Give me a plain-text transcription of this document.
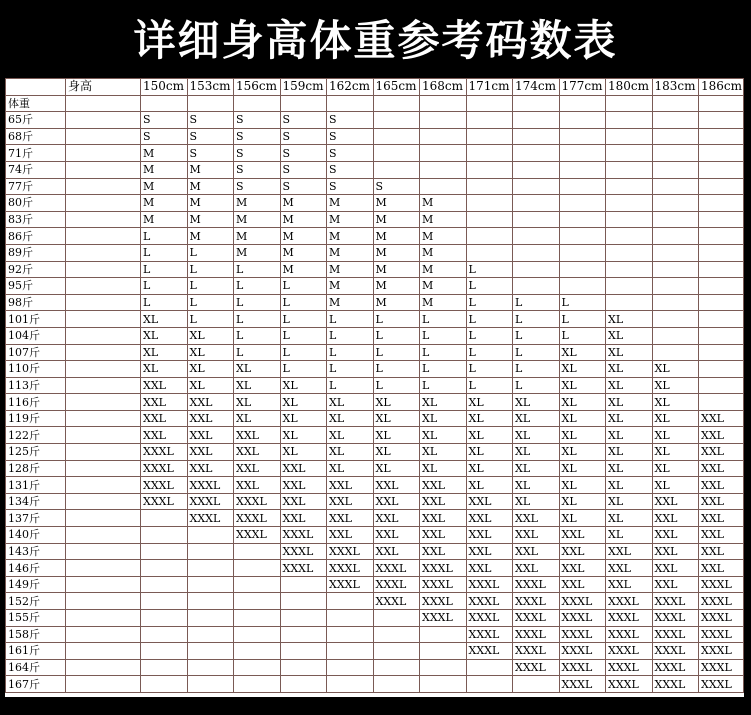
详细身高体重参考码数表
	身高	150cm	153cm	156cm	159cm	162cm	165cm	168cm	171cm	174cm	177cm	180cm	183cm	186cm
体重														
65斤		S	S	S	S	S								
68斤		S	S	S	S	S								
71斤		M	S	S	S	S								
74斤		M	M	S	S	S								
77斤		M	M	S	S	S	S							
80斤		M	M	M	M	M	M	M						
83斤		M	M	M	M	M	M	M						
86斤		L	M	M	M	M	M	M						
89斤		L	L	M	M	M	M	M						
92斤		L	L	L	M	M	M	M	L					
95斤		L	L	L	L	M	M	M	L					
98斤		L	L	L	L	M	M	M	L	L	L			
101斤		XL	L	L	L	L	L	L	L	L	L	XL		
104斤		XL	XL	L	L	L	L	L	L	L	L	XL		
107斤		XL	XL	L	L	L	L	L	L	L	XL	XL		
110斤		XL	XL	XL	L	L	L	L	L	L	XL	XL	XL	
113斤		XXL	XL	XL	XL	L	L	L	L	L	XL	XL	XL	
116斤		XXL	XXL	XL	XL	XL	XL	XL	XL	XL	XL	XL	XL	
119斤		XXL	XXL	XL	XL	XL	XL	XL	XL	XL	XL	XL	XL	XXL
122斤		XXL	XXL	XXL	XL	XL	XL	XL	XL	XL	XL	XL	XL	XXL
125斤		XXXL	XXL	XXL	XL	XL	XL	XL	XL	XL	XL	XL	XL	XXL
128斤		XXXL	XXL	XXL	XXL	XL	XL	XL	XL	XL	XL	XL	XL	XXL
131斤		XXXL	XXXL	XXL	XXL	XXL	XXL	XXL	XL	XL	XL	XL	XL	XXL
134斤		XXXL	XXXL	XXXL	XXL	XXL	XXL	XXL	XXL	XL	XL	XL	XXL	XXL
137斤			XXXL	XXXL	XXL	XXL	XXL	XXL	XXL	XXL	XL	XL	XXL	XXL
140斤				XXXL	XXXL	XXL	XXL	XXL	XXL	XXL	XXL	XL	XXL	XXL
143斤					XXXL	XXXL	XXL	XXL	XXL	XXL	XXL	XXL	XXL	XXL
146斤					XXXL	XXXL	XXXL	XXXL	XXL	XXL	XXL	XXL	XXL	XXL
149斤						XXXL	XXXL	XXXL	XXXL	XXXL	XXL	XXL	XXL	XXXL
152斤							XXXL	XXXL	XXXL	XXXL	XXXL	XXXL	XXXL	XXXL
155斤								XXXL	XXXL	XXXL	XXXL	XXXL	XXXL	XXXL
158斤									XXXL	XXXL	XXXL	XXXL	XXXL	XXXL
161斤									XXXL	XXXL	XXXL	XXXL	XXXL	XXXL
164斤										XXXL	XXXL	XXXL	XXXL	XXXL
167斤											XXXL	XXXL	XXXL	XXXL
